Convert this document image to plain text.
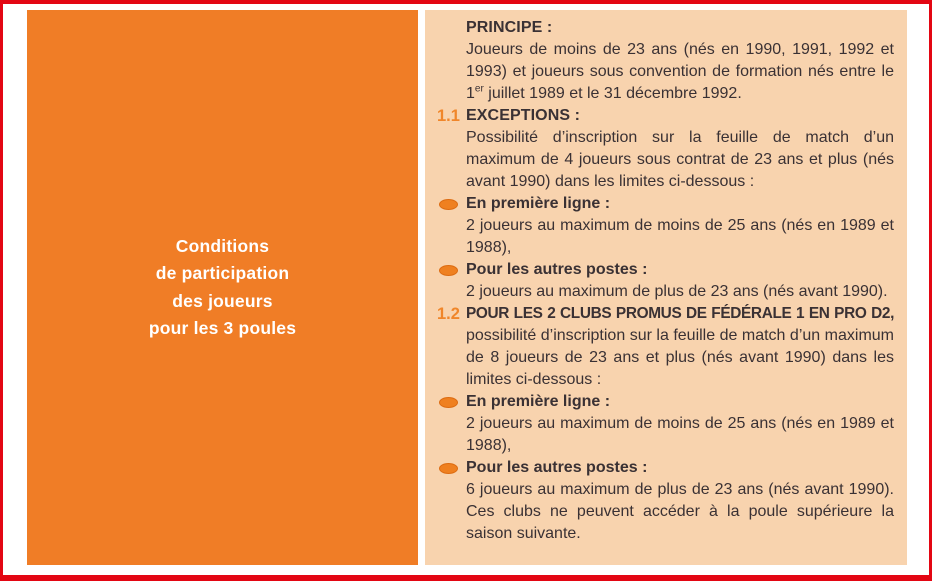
Conditions
de participation
des joueurs
pour les 3 poules
PRINCIPE :

Joueurs de moins de 23 ans (nés en 1990, 1991, 1992 et 1993) et joueurs sous convention de formation nés entre le 1er juillet 1989 et le 31 décembre 1992.

1.1 EXCEPTIONS :

Possibilité d’inscription sur la feuille de match d’un maximum de 4 joueurs sous contrat de 23 ans et plus (nés avant 1990) dans les limites ci-dessous :

En première ligne :

2 joueurs au maximum de moins de 25 ans (nés en 1989 et 1988),

Pour les autres postes :

2 joueurs au maximum de plus de 23 ans (nés avant 1990).

1.2 POUR LES 2 CLUBS PROMUS DE FÉDÉRALE 1 EN PRO D2, possibilité d’inscription sur la feuille de match d’un maximum de 8 joueurs de 23 ans et plus (nés avant 1990) dans les limites ci-dessous :

En première ligne :

2 joueurs au maximum de moins de 25 ans (nés en 1989 et 1988),

Pour les autres postes :

6 joueurs au maximum de plus de 23 ans (nés avant 1990). Ces clubs ne peuvent accéder à la poule supérieure la saison suivante.
